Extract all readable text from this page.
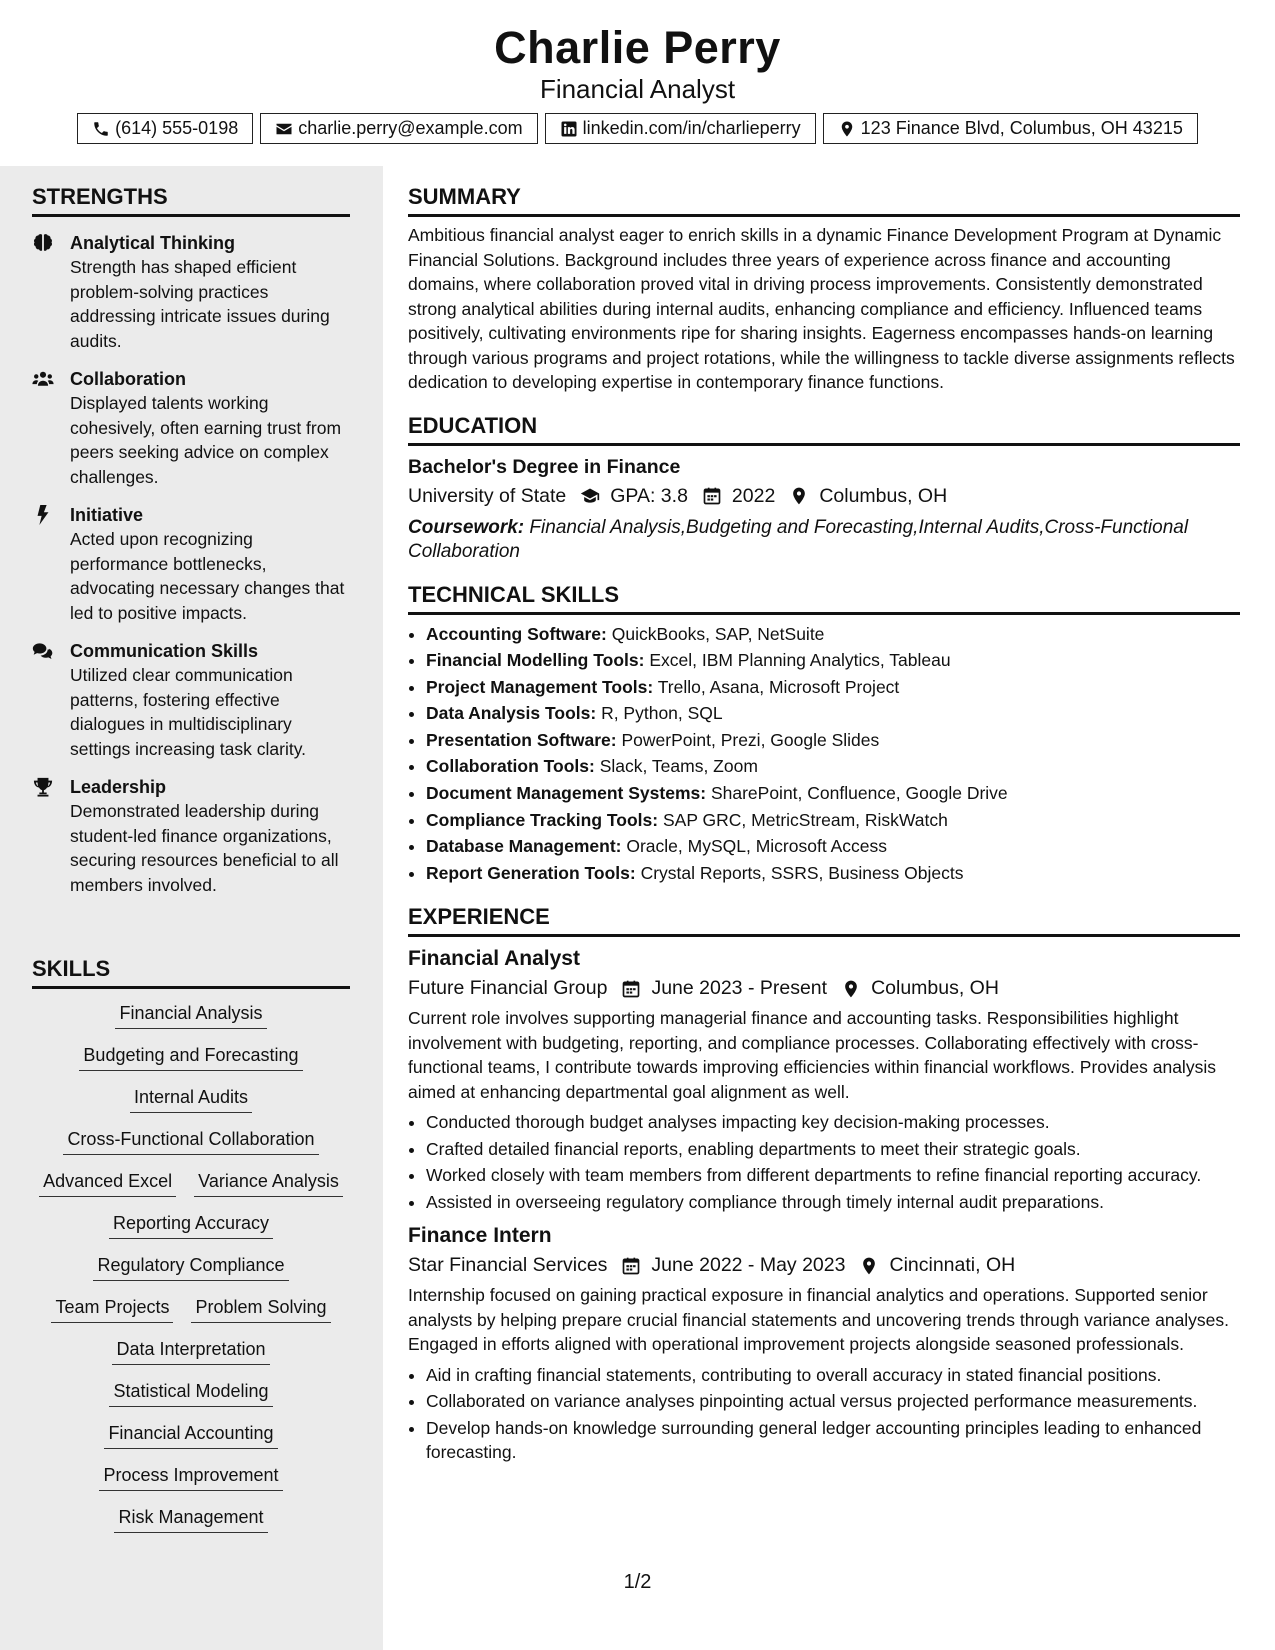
Charlie Perry
Financial Analyst
(614) 555-0198	charlie.perry@example.com	linkedin.com/in/charlieperry	123 Finance Blvd, Columbus, OH 43215
STRENGTHS
Analytical Thinking
Strength has shaped efficient problem-solving practices addressing intricate issues during audits.
Collaboration
Displayed talents working cohesively, often earning trust from peers seeking advice on complex challenges.
Initiative
Acted upon recognizing performance bottlenecks, advocating necessary changes that led to positive impacts.
Communication Skills
Utilized clear communication patterns, fostering effective dialogues in multidisciplinary settings increasing task clarity.
Leadership
Demonstrated leadership during student-led finance organizations, securing resources beneficial to all members involved.
SKILLS
Financial Analysis
Budgeting and Forecasting
Internal Audits
Cross-Functional Collaboration
Advanced Excel Variance Analysis
Reporting Accuracy
Regulatory Compliance
Team Projects Problem Solving
Data Interpretation
Statistical Modeling
Financial Accounting
Process Improvement
Risk Management
SUMMARY
Ambitious financial analyst eager to enrich skills in a dynamic Finance Development Program at Dynamic Financial Solutions. Background includes three years of experience across finance and accounting domains, where collaboration proved vital in driving process improvements. Consistently demonstrated strong analytical abilities during internal audits, enhancing compliance and efficiency. Influenced teams positively, cultivating environments ripe for sharing insights. Eagerness encompasses hands-on learning through various programs and project rotations, while the willingness to tackle diverse assignments reflects dedication to developing expertise in contemporary finance functions.
EDUCATION
Bachelor's Degree in Finance
University of State GPA: 3.8 2022 Columbus, OH
Coursework: Financial Analysis,Budgeting and Forecasting,Internal Audits,Cross-Functional Collaboration
TECHNICAL SKILLS
• Accounting Software: QuickBooks, SAP, NetSuite
• Financial Modelling Tools: Excel, IBM Planning Analytics, Tableau
• Project Management Tools: Trello, Asana, Microsoft Project
• Data Analysis Tools: R, Python, SQL
• Presentation Software: PowerPoint, Prezi, Google Slides
• Collaboration Tools: Slack, Teams, Zoom
• Document Management Systems: SharePoint, Confluence, Google Drive
• Compliance Tracking Tools: SAP GRC, MetricStream, RiskWatch
• Database Management: Oracle, MySQL, Microsoft Access
• Report Generation Tools: Crystal Reports, SSRS, Business Objects
EXPERIENCE
Financial Analyst
Future Financial Group June 2023 - Present Columbus, OH
Current role involves supporting managerial finance and accounting tasks. Responsibilities highlight involvement with budgeting, reporting, and compliance processes. Collaborating effectively with cross-functional teams, I contribute towards improving efficiencies within financial workflows. Provides analysis aimed at enhancing departmental goal alignment as well.
• Conducted thorough budget analyses impacting key decision-making processes.
• Crafted detailed financial reports, enabling departments to meet their strategic goals.
• Worked closely with team members from different departments to refine financial reporting accuracy.
• Assisted in overseeing regulatory compliance through timely internal audit preparations.
Finance Intern
Star Financial Services June 2022 - May 2023 Cincinnati, OH
Internship focused on gaining practical exposure in financial analytics and operations. Supported senior analysts by helping prepare crucial financial statements and uncovering trends through variance analyses. Engaged in efforts aligned with operational improvement projects alongside seasoned professionals.
• Aid in crafting financial statements, contributing to overall accuracy in stated financial positions.
• Collaborated on variance analyses pinpointing actual versus projected performance measurements.
• Develop hands-on knowledge surrounding general ledger accounting principles leading to enhanced forecasting.
1/2
